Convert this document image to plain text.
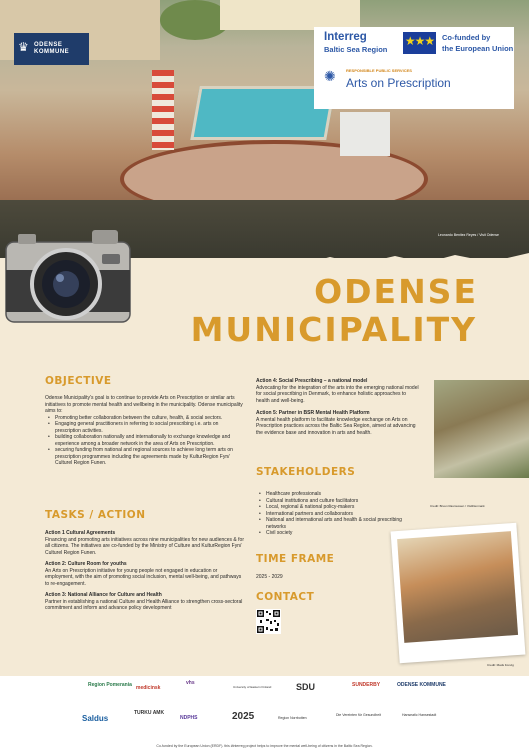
Leonardo Benitez Reyes / Visit Odense
♛ ODENSE
KOMMUNE
Interreg
Baltic Sea Region
★★★ Co-funded by
the European Union
✺	RESPONSIBLE PUBLIC SERVICES
Arts on Prescription
ODENSE
MUNICIPALITY
OBJECTIVE
Odense Municipality's goal is to continue to provide Arts on Prescription or similar arts initiatives to promote mental health and wellbeing in the municipality. Odense municipality aims to:
• Promoting better collaboration between the culture, health, & social sectors.
• Engaging general practitioners in referring to social prescribing i.e. arts on prescription activities.
• building collaboration nationally and internationally to exchange knowledge and experience among a broader network in the area of Arts on Prescription.
• securing funding from national and regional sources to achieve long term arts on prescription programmes including the agreements made by KulturRegion Fyn/ Culturel Region Funen.
TASKS / ACTION
Action 1 Cultural Agreements
Financing and promoting arts initiatives across nine municipalities for new audiences & for all citizens. The initiatives are co-funded by the Ministry of Culture and KulturRegion Fyn/ Culturel Region Funen.
Action 2: Culture Room for youths
An Arts on Prescription initiative for young people not engaged in education or employment, with the aim of promoting social inclusion, mental well-being, and pathways to re-engagement.
Action 3: National Alliance for Culture and Health
Partner in establishing a national Culture and Health Alliance to strengthen cross-sectoral commitment and inform and advance policy development
Action 4: Social Prescribing – a national model
Advocating for the integration of the arts into the emerging national model for social prescribing in Denmark, to enhance holistic approaches to health and well-being.
Action 5: Partner in BSR Mental Health Platform
A mental health platform to facilitate knowledge exchange on Arts on Prescription practices across the Baltic Sea Region, aimed at advancing the evidence base and innovation in arts and health.
Credit: Bruun Rasmussen / VisitDenmark
STAKEHOLDERS
• Healthcare professionals
• Cultural institutions and culture facilitators
• Local, regional & national policy-makers
• International partners and collaborators
• National and international arts and health & social prescribing networks
• Civil society
TIME FRAME
2025 - 2029
CONTACT
Credit: Mads Fonvig
Region Pomerania medicinsk
vhs
University of Eastern Finland	SDU	SUNDERBY	ODENSE KOMMUNE
Saldus
TURKU AMK
NDPHS	2025	Region Norrbotten
Die Vereinten für Gesundheit	Hanseatic Hansestadt
Co-funded by the European Union (ERDF). this #lnterreg project helps to improve the mental well-being of citizens in the Baltic Sea Region.
